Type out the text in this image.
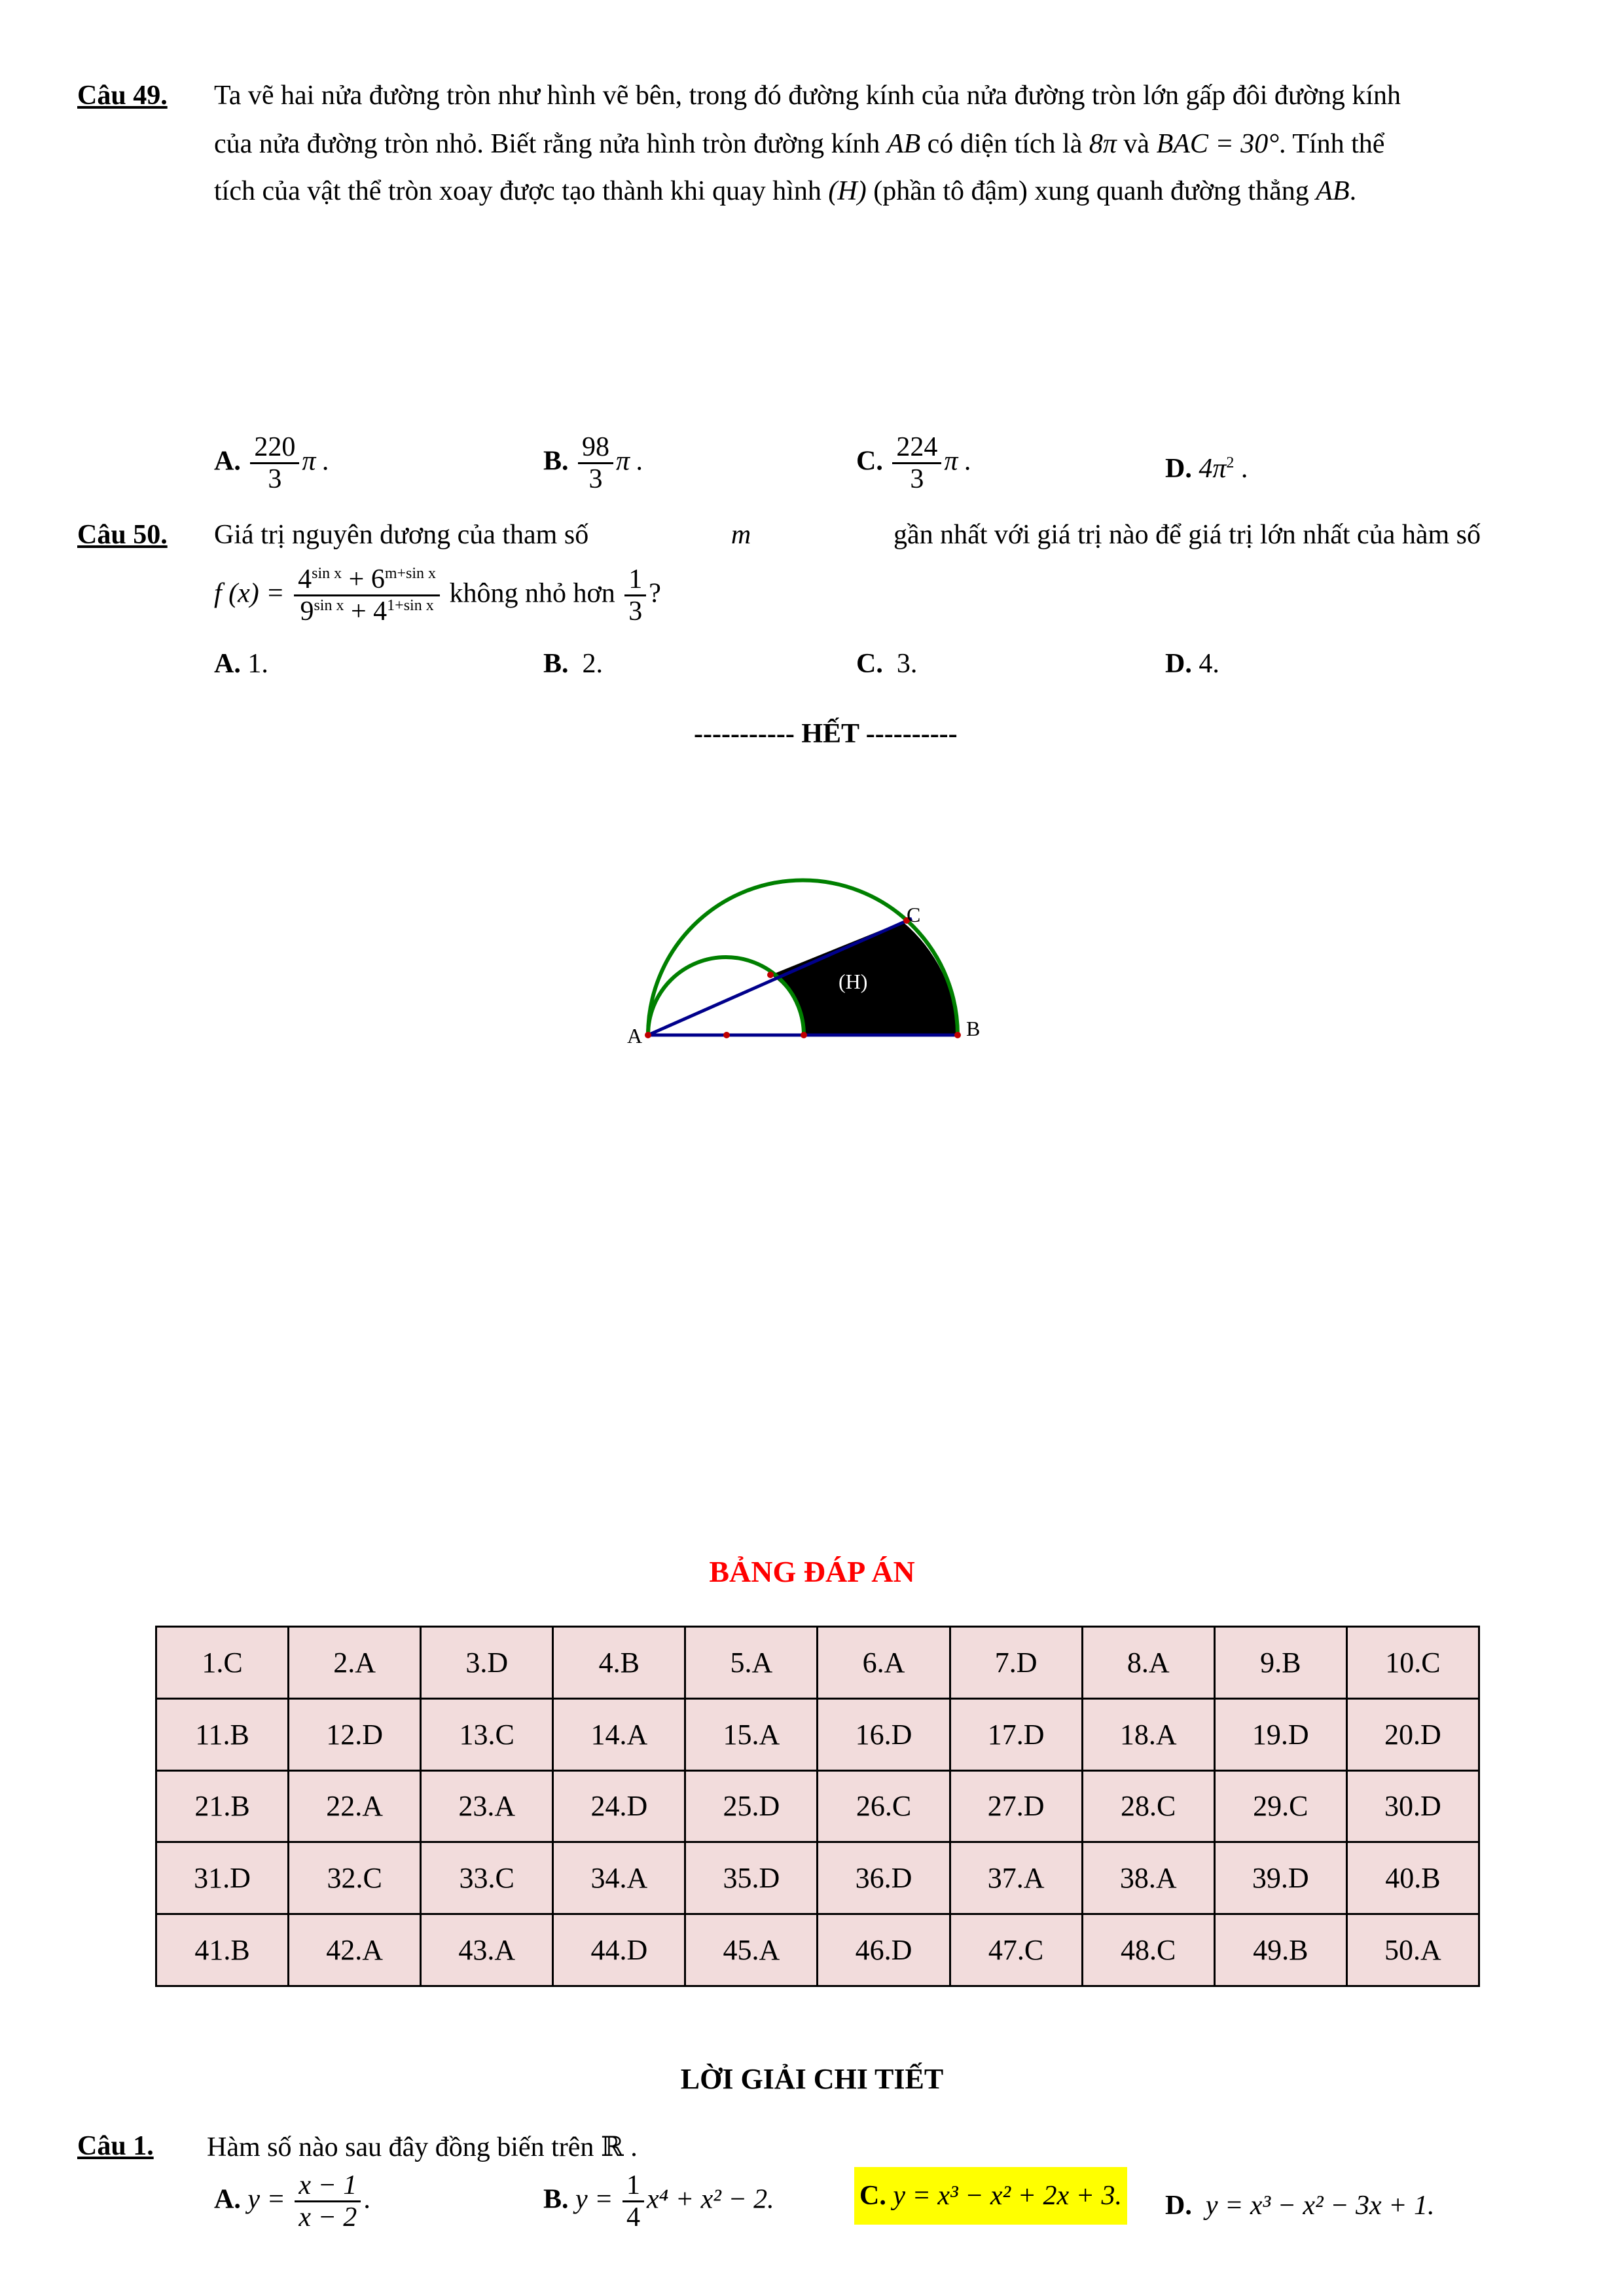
Câu 49. Ta vẽ hai nửa đường tròn như hình vẽ bên, trong đó đường kính của nửa đường tròn lớn gấp đôi đường kính
của nửa đường tròn nhỏ. Biết rằng nửa hình tròn đường kính AB có diện tích là 8π và BAC = 30°. Tính thể
tích của vật thể tròn xoay được tạo thành khi quay hình (H) (phần tô đậm) xung quanh đường thẳng AB.
A. $\frac{220}{3}$ π .	B. $\frac{98}{3}$ π .	C. $\frac{224}{3}$ π .	D. $4\pi^2$ .
Câu 50. Giá trị nguyên dương của tham số	m	gần nhất với giá trị nào để giá trị lớn nhất của hàm số
f $(x) = \frac{4^{sin x} + 6^{m+sin x}}{9^{sin x} + 4^{1+sin x}}$ không nhỏ hơn $\frac{1}{3}$ ?
A. 1.	B. 2.	C. 3.	D. 4.
----------- HẾT ----------
A	B
C
(H)
BẢNG ĐÁP ÁN
1.C	2.A	3.D	4.B	5.A	6.A	7.D	8.A	9.B	10.C
11.B	12.D	13.C	14.A	15.A	16.D	17.D	18.A	19.D	20.D
21.B	22.A	23.A	24.D	25.D	26.C	27.D	28.C	29.C	30.D
31.D	32.C	33.C	34.A	35.D	36.D	37.A	38.A	39.D	40.B
41.B	42.A	43.A	44.D	45.A	46.D	47.C	48.C	49.B	50.A
LỜI GIẢI CHI TIẾT
Câu 1. Hàm số nào sau đây đồng biến trên ℝ .
A. $y = \frac{x - 1}{x - 2}$ .	B. $y = \frac{1}{4} x^4 + x^2 - 2$.	C. y = x³ − x² + 2x + 3. D. y = x³ − x² − 3x + 1.
